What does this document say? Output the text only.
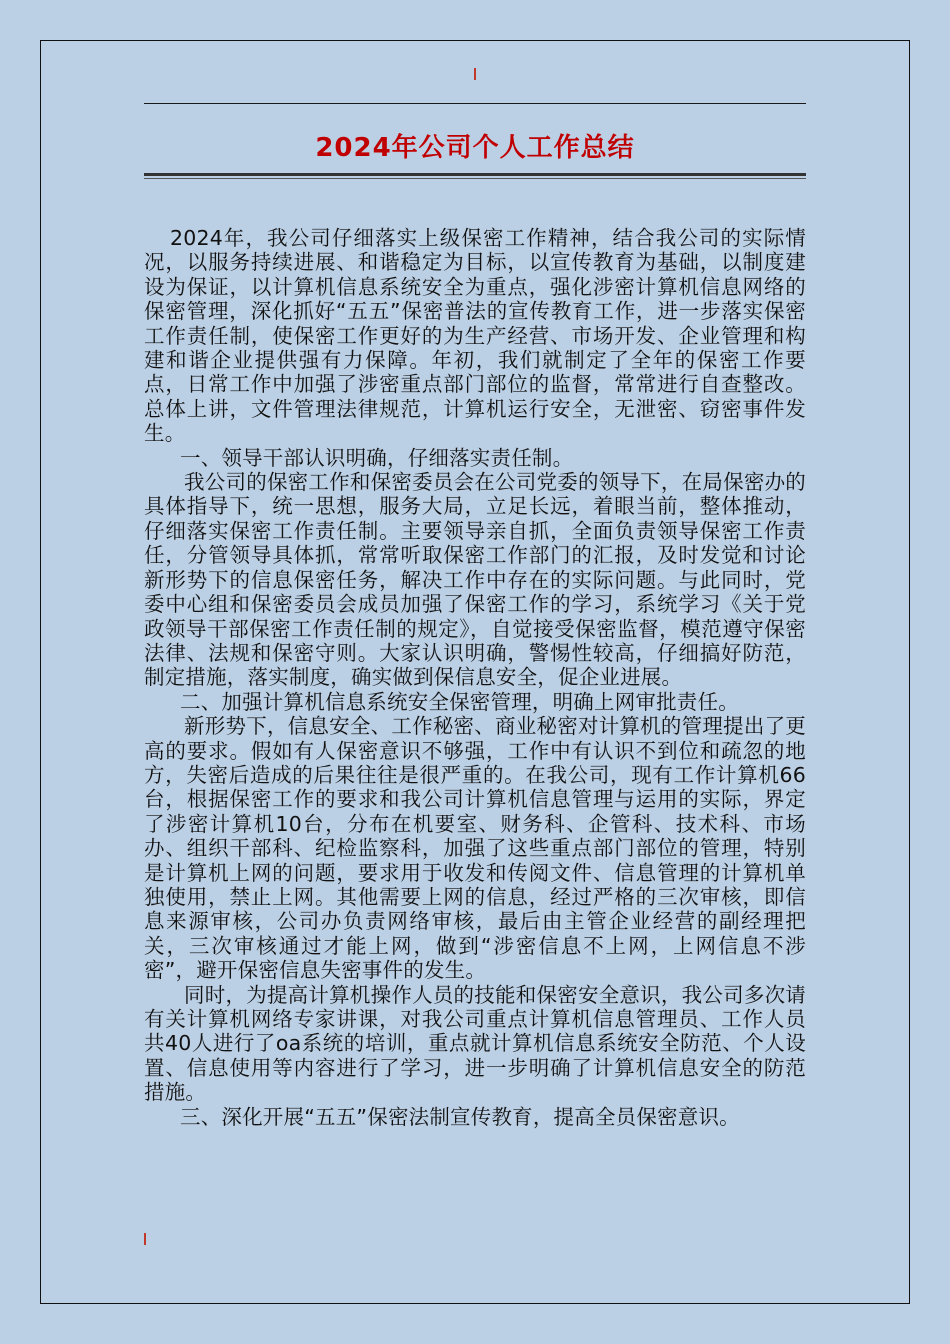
2024年公司个人工作总结

2024年，我公司仔细落实上级保密工作精神，结合我公司的实际情况，以服务持续进展、和谐稳定为目标，以宣传教育为基础，以制度建设为保证，以计算机信息系统安全为重点，强化涉密计算机信息网络的保密管理，深化抓好“五五”保密普法的宣传教育工作，进一步落实保密工作责任制，使保密工作更好的为生产经营、市场开发、企业管理和构建和谐企业提供强有力保障。年初，我们就制定了全年的保密工作要点，日常工作中加强了涉密重点部门部位的监督，常常进行自查整改。总体上讲，文件管理法律规范，计算机运行安全，无泄密、窃密事件发生。

一、领导干部认识明确，仔细落实责任制。

我公司的保密工作和保密委员会在公司党委的领导下，在局保密办的具体指导下，统一思想，服务大局，立足长远，着眼当前，整体推动，仔细落实保密工作责任制。主要领导亲自抓，全面负责领导保密工作责任，分管领导具体抓，常常听取保密工作部门的汇报，及时发觉和讨论新形势下的信息保密任务，解决工作中存在的实际问题。与此同时，党委中心组和保密委员会成员加强了保密工作的学习，系统学习《关于党政领导干部保密工作责任制的规定》，自觉接受保密监督，模范遵守保密法律、法规和保密守则。大家认识明确，警惕性较高，仔细搞好防范，制定措施，落实制度，确实做到保信息安全，促企业进展。

二、加强计算机信息系统安全保密管理，明确上网审批责任。

新形势下，信息安全、工作秘密、商业秘密对计算机的管理提出了更高的要求。假如有人保密意识不够强，工作中有认识不到位和疏忽的地方，失密后造成的后果往往是很严重的。在我公司，现有工作计算机66台，根据保密工作的要求和我公司计算机信息管理与运用的实际，界定了涉密计算机10台，分布在机要室、财务科、企管科、技术科、市场办、组织干部科、纪检监察科，加强了这些重点部门部位的管理，特别是计算机上网的问题，要求用于收发和传阅文件、信息管理的计算机单独使用，禁止上网。其他需要上网的信息，经过严格的三次审核，即信息来源审核，公司办负责网络审核，最后由主管企业经营的副经理把关，三次审核通过才能上网，做到“涉密信息不上网，上网信息不涉密”，避开保密信息失密事件的发生。

同时，为提高计算机操作人员的技能和保密安全意识，我公司多次请有关计算机网络专家讲课，对我公司重点计算机信息管理员、工作人员共40人进行了oa系统的培训，重点就计算机信息系统安全防范、个人设置、信息使用等内容进行了学习，进一步明确了计算机信息安全的防范措施。

三、深化开展“五五”保密法制宣传教育，提高全员保密意识。
